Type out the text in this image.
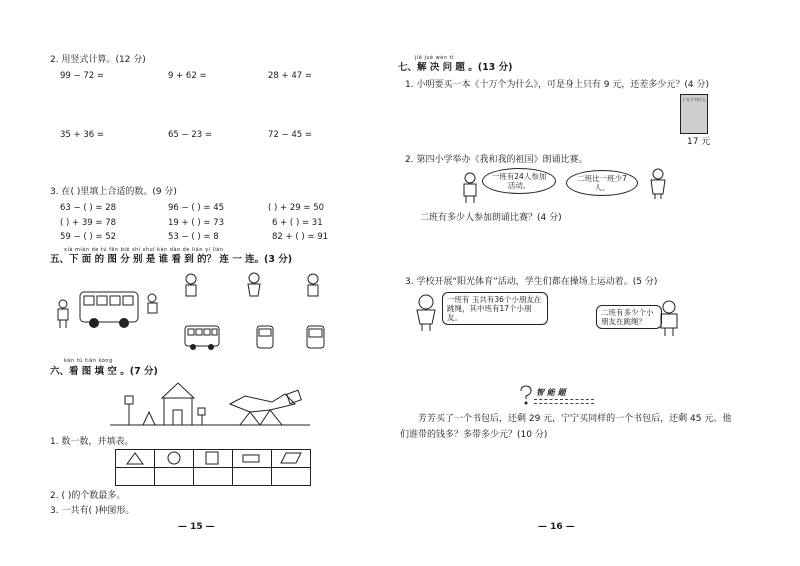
2. 用竖式计算。(12 分)
99 − 72 =	9 + 62 =	28 + 47 =
35 + 36 =	65 − 23 =	72 − 45 =
3. 在( )里填上合适的数。(9 分)
63 − ( ) = 28	96 − ( ) = 45	( ) + 29 = 50
( ) + 39 = 78	19 + ( ) = 73	6 + ( ) = 31
59 − ( ) = 52	53 − ( ) = 8	82 + ( ) = 91
xià miàn de tú fēn bié shì shuí kàn dào de lián yi lián
五、下 面 的 图 分 别 是 谁 看 到 的？ 连 一 连。(3 分)
kàn tú tián kòng
六、看 图 填 空 。(7 分)
1. 数一数，并填表。
2. ( )的个数最多。
3. 一共有( )种图形。
— 15 —
jiě jué wèn tí
七、解 决 问 题 。(13 分)
1. 小明要买一本《十万个为什么》，可是身上只有 9 元，还差多少元？(4 分)
十万个为什么
17 元
2. 第四小学举办《我和我的祖国》朗诵比赛。
一班有24人参加活动。
二班比一班少7人。
二班有多少人参加朗诵比赛？(4 分)
3. 学校开展“阳光体育”活动，学生们都在操场上运动着。(5 分)
一班有 玉共有36个小朋友在跳绳，其中班有17个小朋友。
二班有多少个小朋友在跳绳？
智 能 题
芳芳买了一个书包后，还剩 29 元，宁宁买同样的一个书包后，还剩 45 元。他
们谁带的钱多？多带多少元？(10 分)
— 16 —
